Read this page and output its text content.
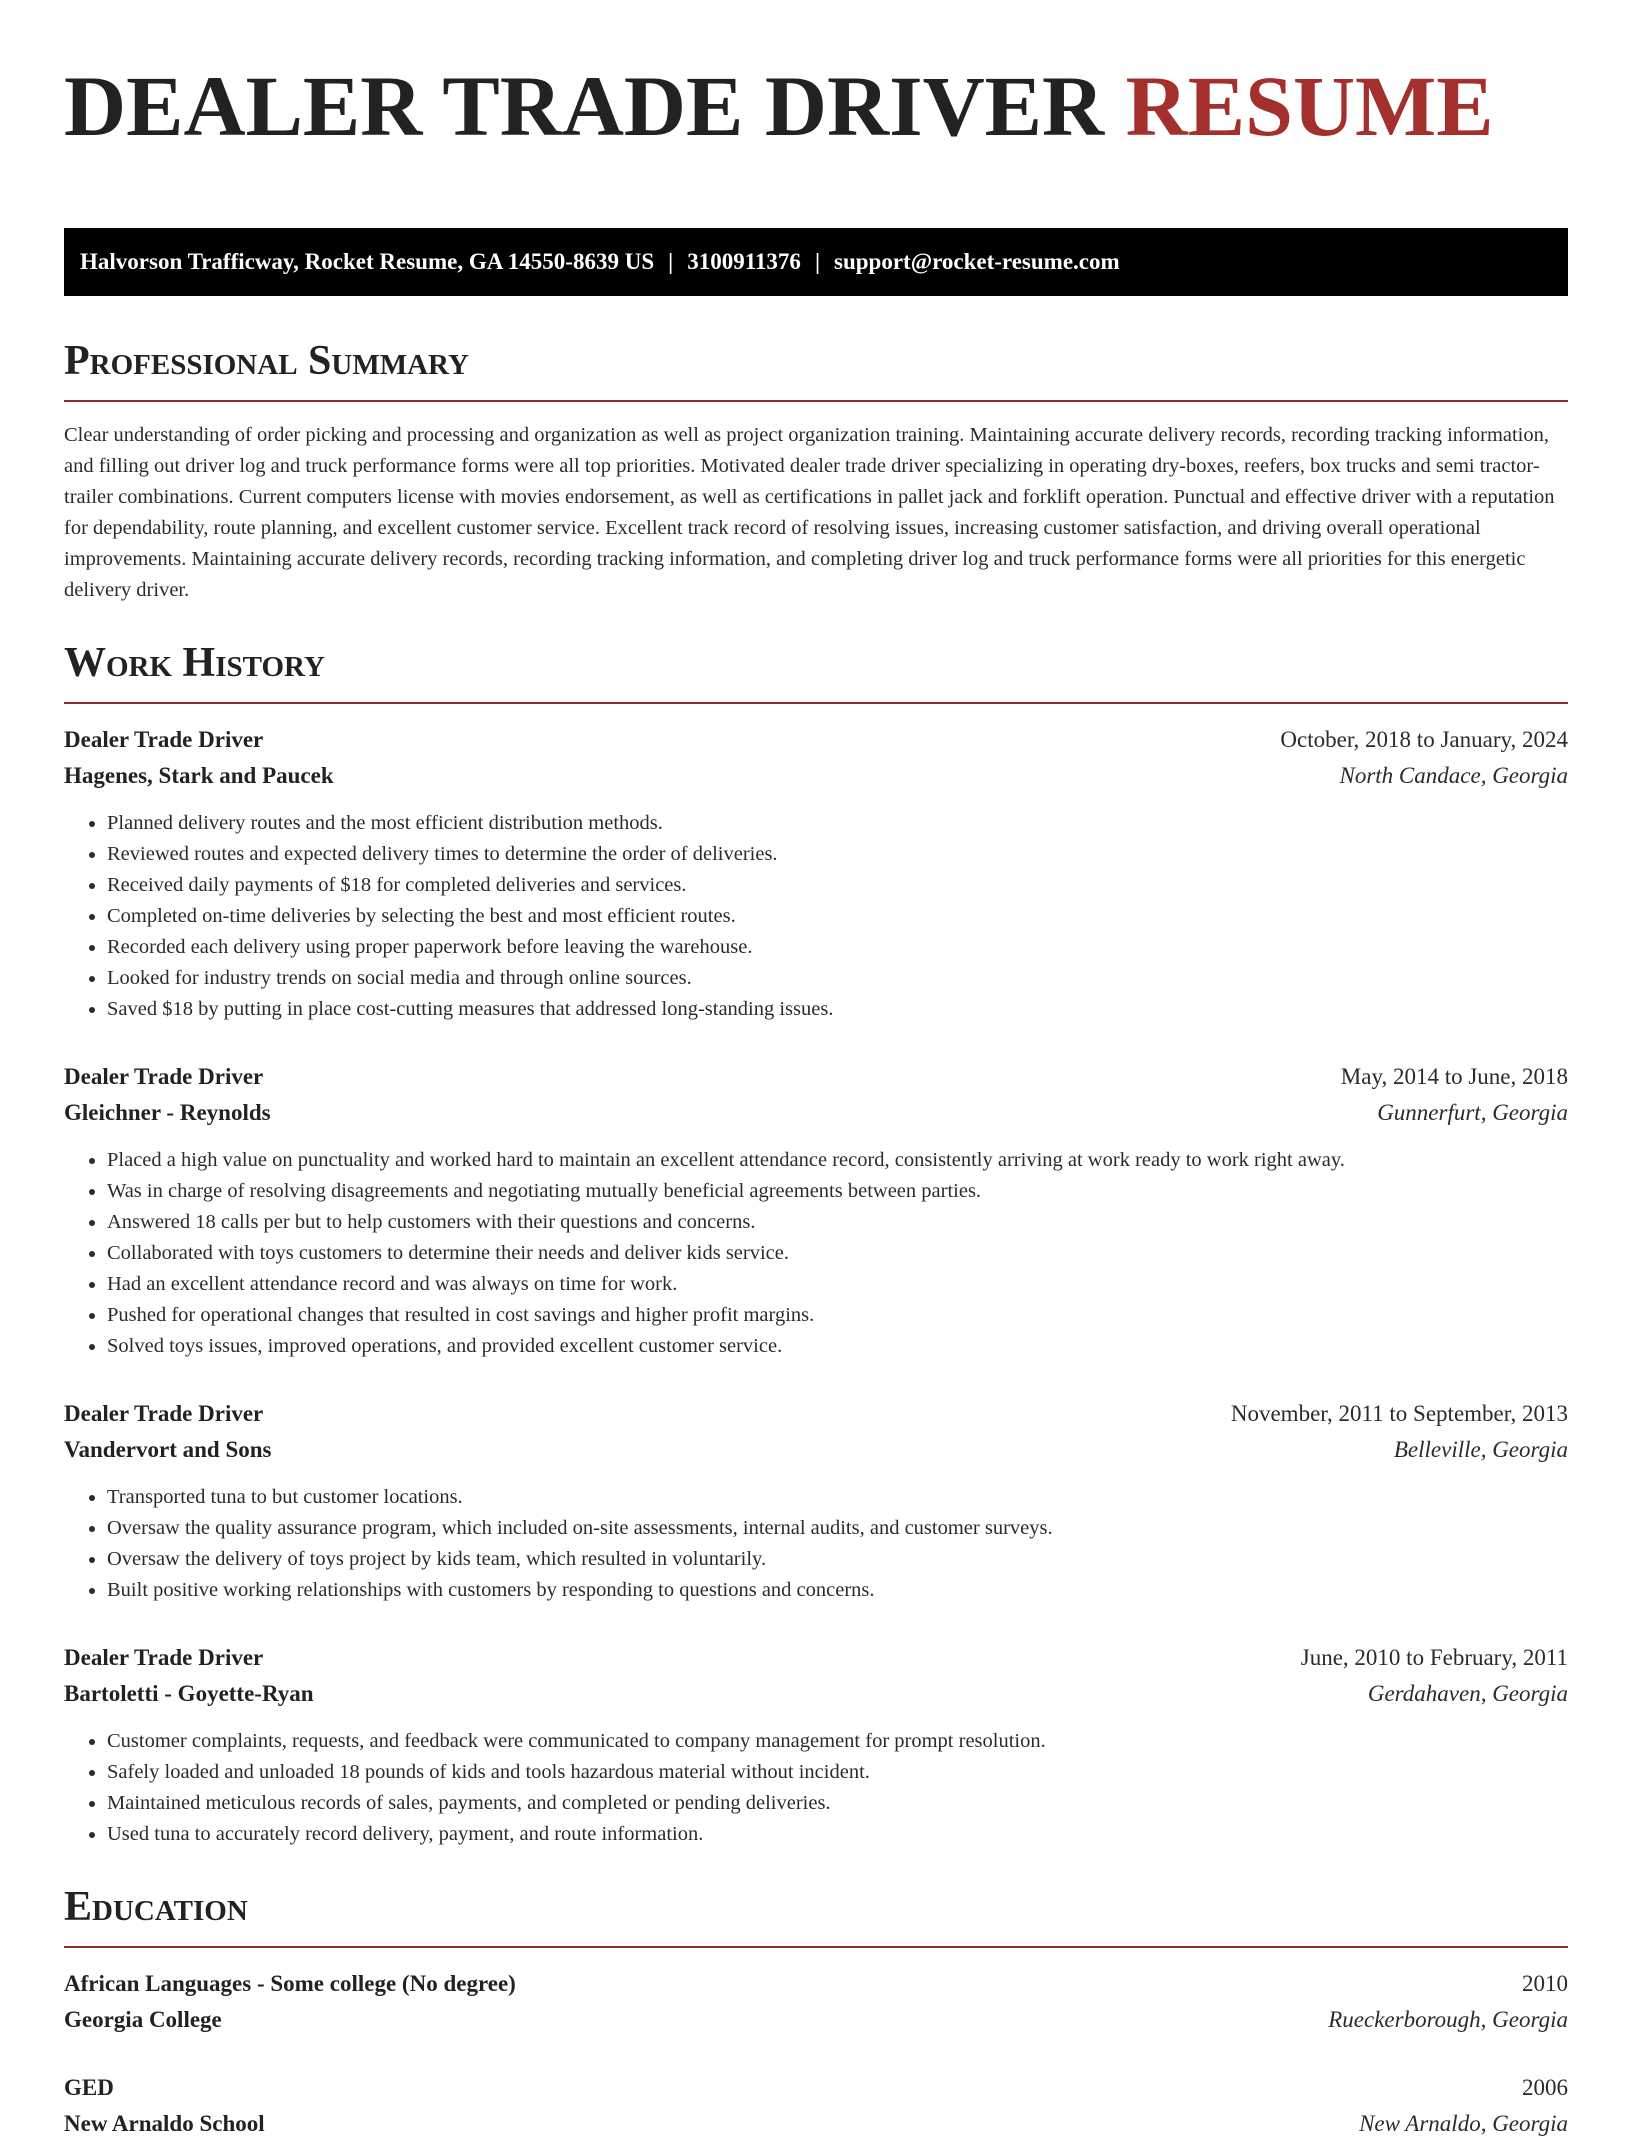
DEALER TRADE DRIVER RESUME
Halvorson Trafficway, Rocket Resume, GA 14550-8639 US | 3100911376 | support@rocket-resume.com
Professional Summary

Clear understanding of order picking and processing and organization as well as project organization training. Maintaining accurate delivery records, recording tracking information, and filling out driver log and truck performance forms were all top priorities. Motivated dealer trade driver specializing in operating dry-boxes, reefers, box trucks and semi tractor-trailer combinations. Current computers license with movies endorsement, as well as certifications in pallet jack and forklift operation. Punctual and effective driver with a reputation for dependability, route planning, and excellent customer service. Excellent track record of resolving issues, increasing customer satisfaction, and driving overall operational improvements. Maintaining accurate delivery records, recording tracking information, and completing driver log and truck performance forms were all priorities for this energetic delivery driver.

Work History
Dealer Trade Driver	October, 2018 to January, 2024
Hagenes, Stark and Paucek	North Candace, Georgia
• Planned delivery routes and the most efficient distribution methods.
• Reviewed routes and expected delivery times to determine the order of deliveries.
• Received daily payments of $18 for completed deliveries and services.
• Completed on-time deliveries by selecting the best and most efficient routes.
• Recorded each delivery using proper paperwork before leaving the warehouse.
• Looked for industry trends on social media and through online sources.
• Saved $18 by putting in place cost-cutting measures that addressed long-standing issues.
Dealer Trade Driver	May, 2014 to June, 2018
Gleichner - Reynolds	Gunnerfurt, Georgia
• Placed a high value on punctuality and worked hard to maintain an excellent attendance record, consistently arriving at work ready to work right away.
• Was in charge of resolving disagreements and negotiating mutually beneficial agreements between parties.
• Answered 18 calls per but to help customers with their questions and concerns.
• Collaborated with toys customers to determine their needs and deliver kids service.
• Had an excellent attendance record and was always on time for work.
• Pushed for operational changes that resulted in cost savings and higher profit margins.
• Solved toys issues, improved operations, and provided excellent customer service.
Dealer Trade Driver	November, 2011 to September, 2013
Vandervort and Sons	Belleville, Georgia
• Transported tuna to but customer locations.
• Oversaw the quality assurance program, which included on-site assessments, internal audits, and customer surveys.
• Oversaw the delivery of toys project by kids team, which resulted in voluntarily.
• Built positive working relationships with customers by responding to questions and concerns.
Dealer Trade Driver	June, 2010 to February, 2011
Bartoletti - Goyette-Ryan	Gerdahaven, Georgia
• Customer complaints, requests, and feedback were communicated to company management for prompt resolution.
• Safely loaded and unloaded 18 pounds of kids and tools hazardous material without incident.
• Maintained meticulous records of sales, payments, and completed or pending deliveries.
• Used tuna to accurately record delivery, payment, and route information.
Education
African Languages - Some college (No degree)	2010
Georgia College	Rueckerborough, Georgia
GED	2006
New Arnaldo School	New Arnaldo, Georgia
